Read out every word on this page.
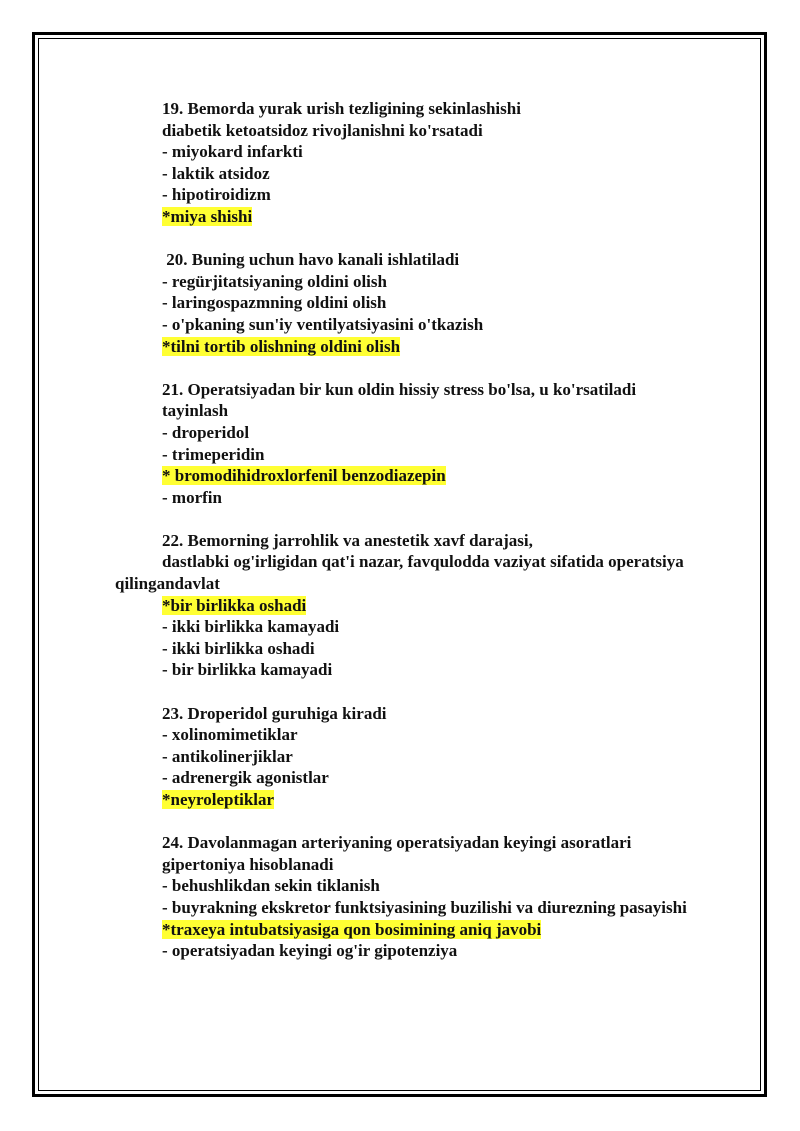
19. Bemorda yurak urish tezligining sekinlashishi
diabetik ketoatsidoz rivojlanishni ko'rsatadi
- miyokard infarkti
- laktik atsidoz
- hipotiroidizm
*miya shishi
20. Buning uchun havo kanali ishlatiladi
- regürjitatsiyaning oldini olish
- laringospazmning oldini olish
- o'pkaning sun'iy ventilyatsiyasini o'tkazish
*tilni tortib olishning oldini olish
21. Operatsiyadan bir kun oldin hissiy stress bo'lsa, u ko'rsatiladi
tayinlash
- droperidol
- trimeperidin
* bromodihidroxlorfenil benzodiazepin
- morfin
22. Bemorning jarrohlik va anestetik xavf darajasi,
dastlabki og'irligidan qat'i nazar, favqulodda vaziyat sifatida operatsiya
qilingandavlat
*bir birlikka oshadi
- ikki birlikka kamayadi
- ikki birlikka oshadi
- bir birlikka kamayadi
23. Droperidol guruhiga kiradi
- xolinomimetiklar
- antikolinerjiklar
- adrenergik agonistlar
*neyroleptiklar
24. Davolanmagan arteriyaning operatsiyadan keyingi asoratlari
gipertoniya hisoblanadi
- behushlikdan sekin tiklanish
- buyrakning ekskretor funktsiyasining buzilishi va diurezning pasayishi
*traxeya intubatsiyasiga qon bosimining aniq javobi
- operatsiyadan keyingi og'ir gipotenziya
